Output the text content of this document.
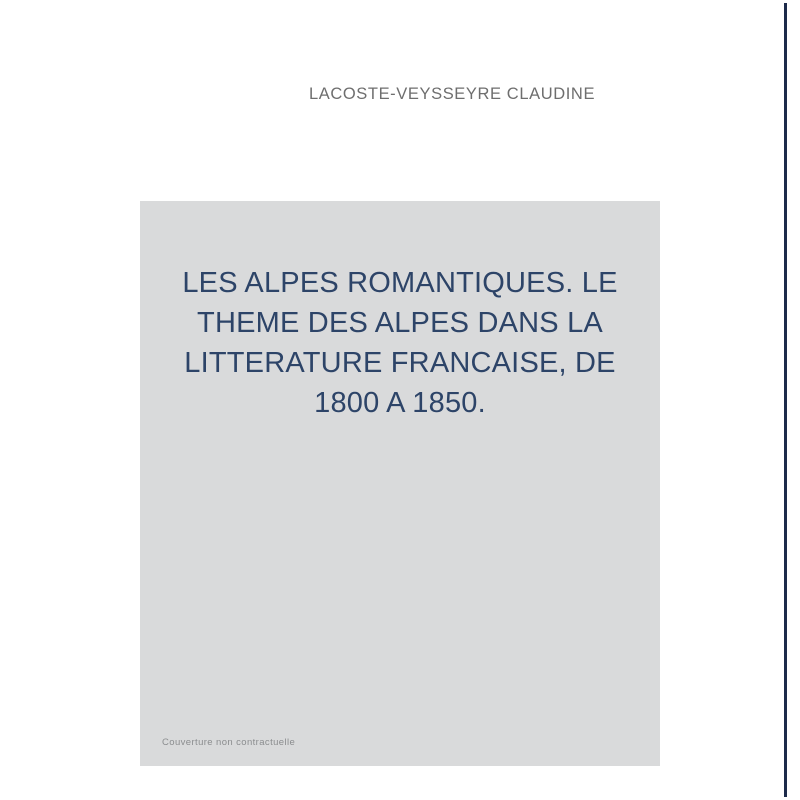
LACOSTE-VEYSSEYRE CLAUDINE
LES ALPES ROMANTIQUES. LE THEME DES ALPES DANS LA LITTERATURE FRANCAISE, DE 1800 A 1850.
Couverture non contractuelle
